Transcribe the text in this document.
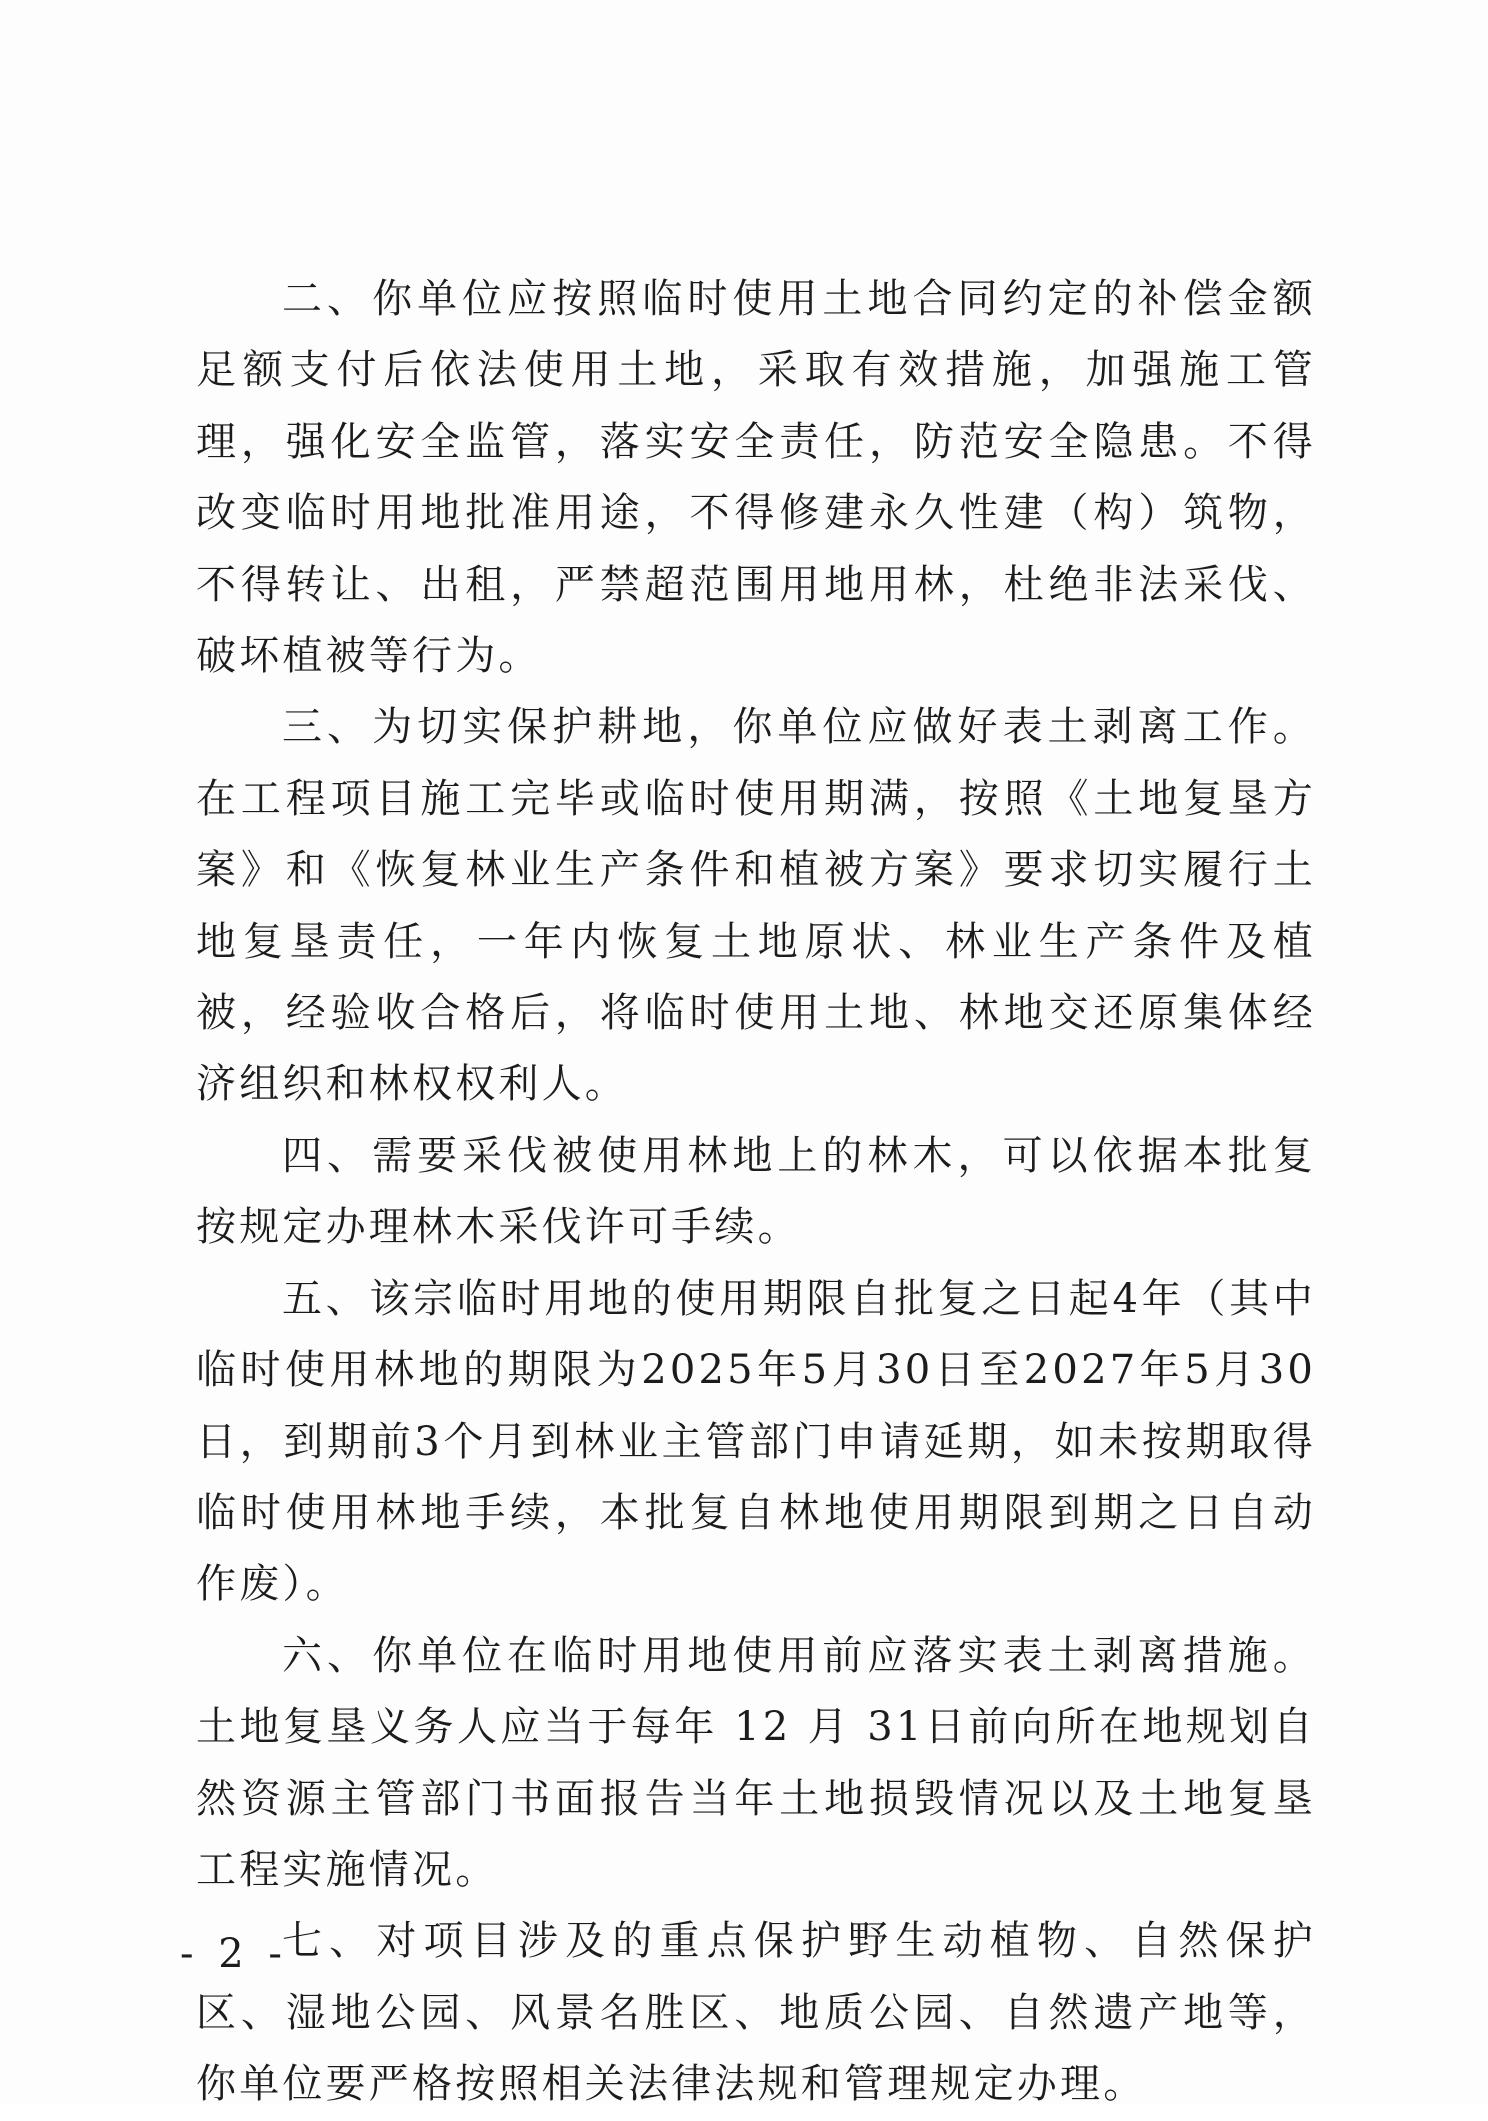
二、你单位应按照临时使用土地合同约定的补偿金额足额支付后依法使用土地，采取有效措施，加强施工管理，强化安全监管，落实安全责任，防范安全隐患。不得改变临时用地批准用途，不得修建永久性建（构）筑物，不得转让、出租，严禁超范围用地用林，杜绝非法采伐、破坏植被等行为。

三、为切实保护耕地，你单位应做好表土剥离工作。在工程项目施工完毕或临时使用期满，按照《土地复垦方案》和《恢复林业生产条件和植被方案》要求切实履行土地复垦责任，一年内恢复土地原状、林业生产条件及植被，经验收合格后，将临时使用土地、林地交还原集体经济组织和林权权利人。

四、需要采伐被使用林地上的林木，可以依据本批复按规定办理林木采伐许可手续。

五、该宗临时用地的使用期限自批复之日起4年（其中临时使用林地的期限为2025年5月30日至2027年5月30日，到期前3个月到林业主管部门申请延期，如未按期取得临时使用林地手续，本批复自林地使用期限到期之日自动作废）。

六、你单位在临时用地使用前应落实表土剥离措施。土地复垦义务人应当于每年 12 月 31日前向所在地规划自然资源主管部门书面报告当年土地损毁情况以及土地复垦工程实施情况。

七、对项目涉及的重点保护野生动植物、自然保护区、湿地公园、风景名胜区、地质公园、自然遗产地等，你单位要严格按照相关法律法规和管理规定办理。

- 2 -
